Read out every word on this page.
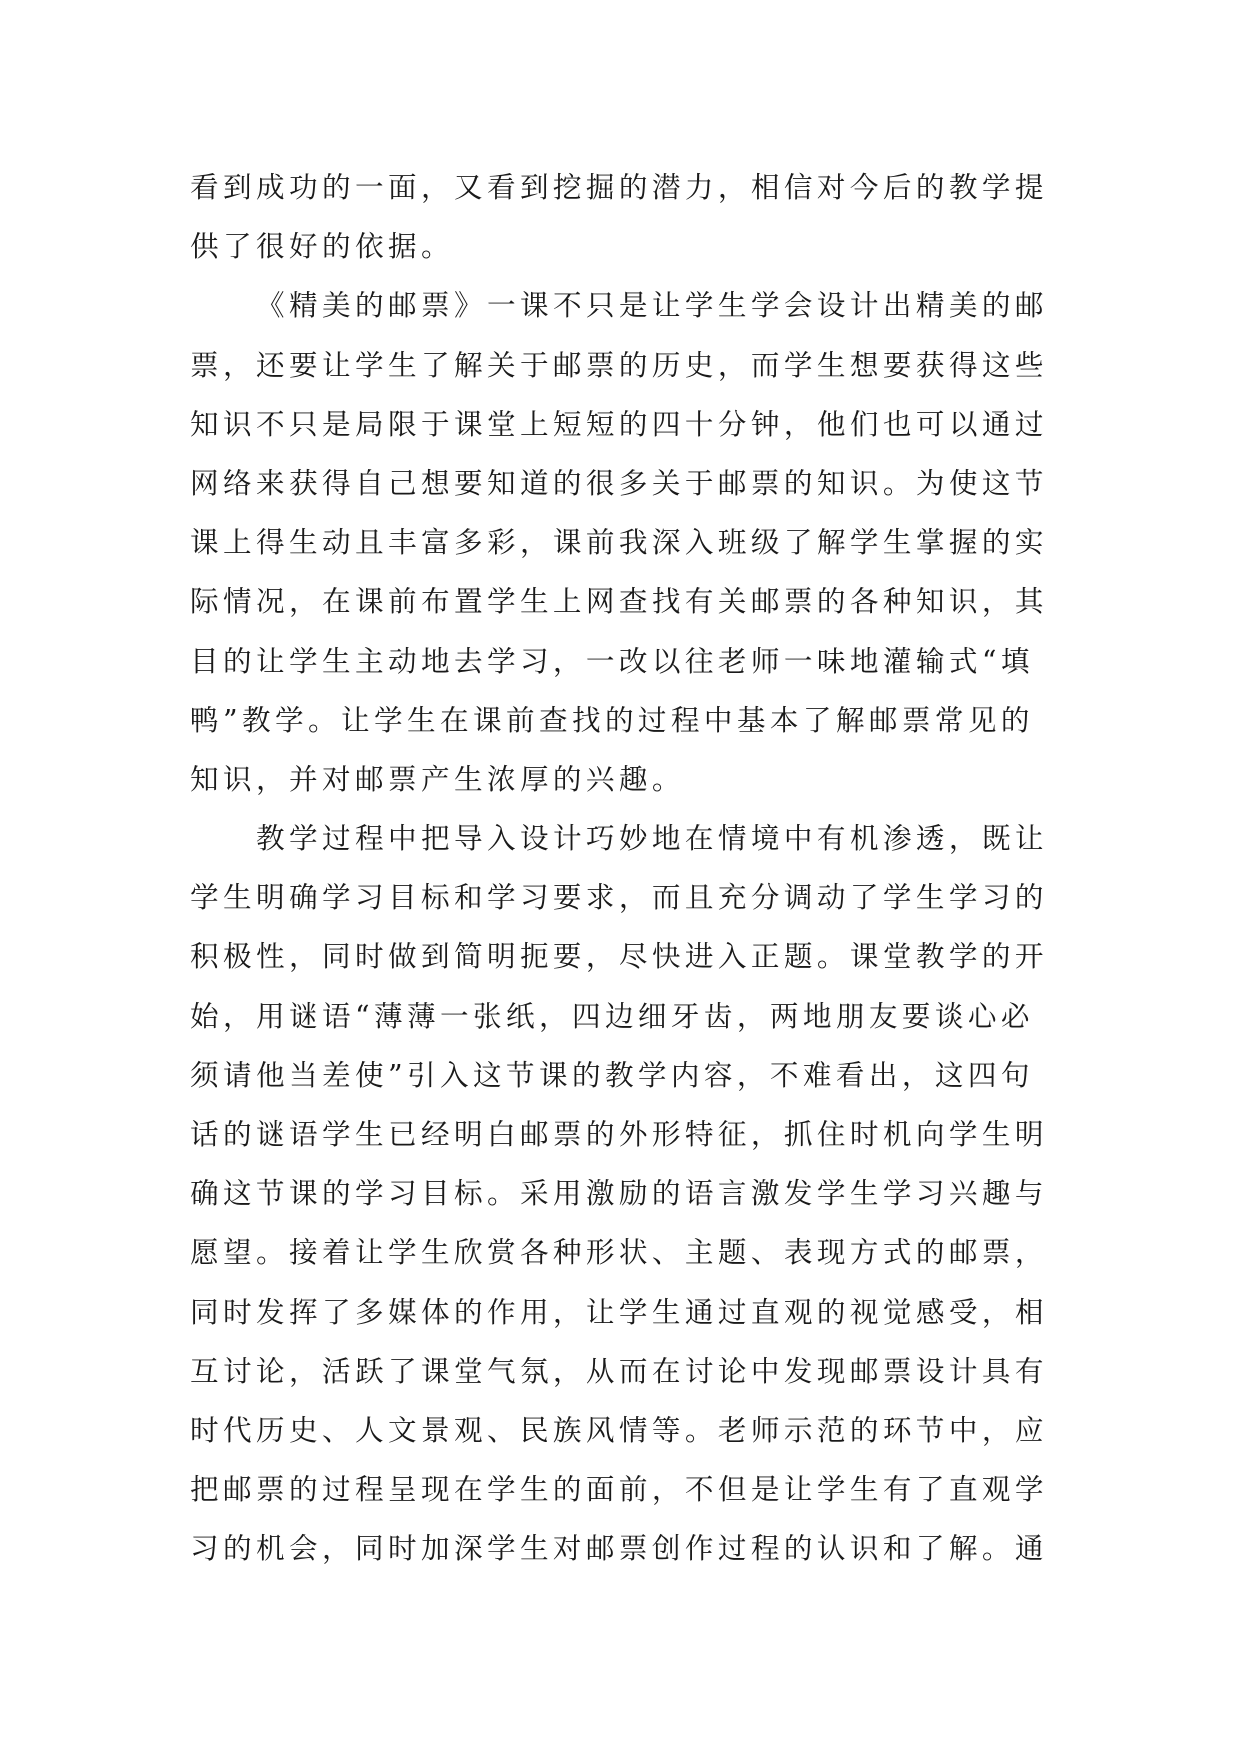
看到成功的一面，又看到挖掘的潜力，相信对今后的教学提
供了很好的依据。
《精美的邮票》一课不只是让学生学会设计出精美的邮
票，还要让学生了解关于邮票的历史，而学生想要获得这些
知识不只是局限于课堂上短短的四十分钟，他们也可以通过
网络来获得自己想要知道的很多关于邮票的知识。为使这节
课上得生动且丰富多彩，课前我深入班级了解学生掌握的实
际情况，在课前布置学生上网查找有关邮票的各种知识，其
目的让学生主动地去学习，一改以往老师一味地灌输式“填
鸭”教学。让学生在课前查找的过程中基本了解邮票常见的
知识，并对邮票产生浓厚的兴趣。
教学过程中把导入设计巧妙地在情境中有机渗透，既让
学生明确学习目标和学习要求，而且充分调动了学生学习的
积极性，同时做到简明扼要，尽快进入正题。课堂教学的开
始，用谜语“薄薄一张纸，四边细牙齿，两地朋友要谈心必
须请他当差使”引入这节课的教学内容，不难看出，这四句
话的谜语学生已经明白邮票的外形特征，抓住时机向学生明
确这节课的学习目标。采用激励的语言激发学生学习兴趣与
愿望。接着让学生欣赏各种形状、主题、表现方式的邮票，
同时发挥了多媒体的作用，让学生通过直观的视觉感受，相
互讨论，活跃了课堂气氛，从而在讨论中发现邮票设计具有
时代历史、人文景观、民族风情等。老师示范的环节中，应
把邮票的过程呈现在学生的面前，不但是让学生有了直观学
习的机会，同时加深学生对邮票创作过程的认识和了解。通
